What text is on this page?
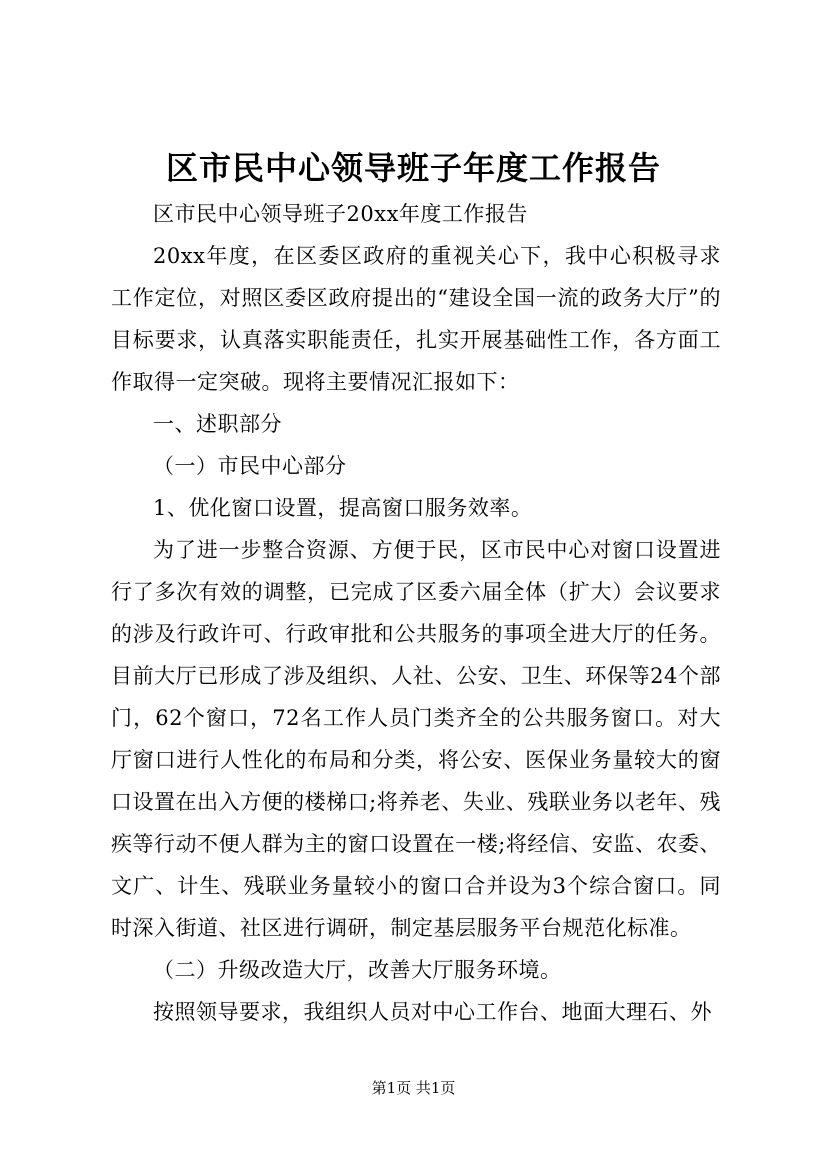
区市民中心领导班子年度工作报告

区市民中心领导班子20xx年度工作报告

20xx年度，在区委区政府的重视关心下，我中心积极寻求工作定位，对照区委区政府提出的“建设全国一流的政务大厅”的目标要求，认真落实职能责任，扎实开展基础性工作，各方面工作取得一定突破。现将主要情况汇报如下：

一、述职部分

（一）市民中心部分

1、优化窗口设置，提高窗口服务效率。

为了进一步整合资源、方便于民，区市民中心对窗口设置进行了多次有效的调整，已完成了区委六届全体（扩大）会议要求的涉及行政许可、行政审批和公共服务的事项全进大厅的任务。目前大厅已形成了涉及组织、人社、公安、卫生、环保等24个部门，62个窗口，72名工作人员门类齐全的公共服务窗口。对大厅窗口进行人性化的布局和分类，将公安、医保业务量较大的窗口设置在出入方便的楼梯口;将养老、失业、残联业务以老年、残疾等行动不便人群为主的窗口设置在一楼;将经信、安监、农委、文广、计生、残联业务量较小的窗口合并设为3个综合窗口。同时深入街道、社区进行调研，制定基层服务平台规范化标准。

（二）升级改造大厅，改善大厅服务环境。

按照领导要求，我组织人员对中心工作台、地面大理石、外

第1页 共1页
